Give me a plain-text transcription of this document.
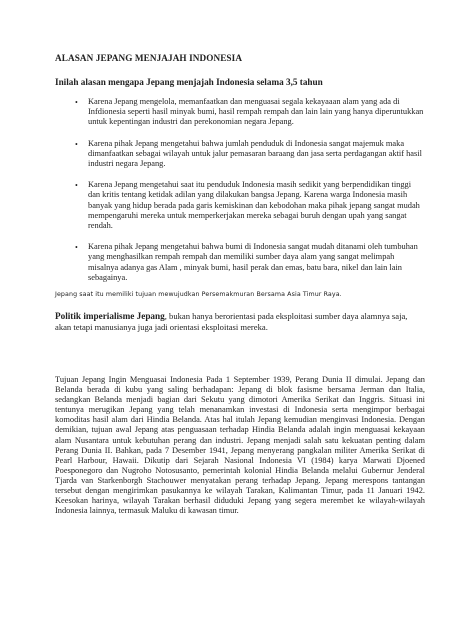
ALASAN JEPANG MENJAJAH INDONESIA
Inilah alasan mengapa Jepang menjajah Indonesia selama 3,5 tahun
• Karena Jepang mengelola, memanfaatkan dan menguasai segala kekayaaan alam yang ada di Infdionesia seperti hasil minyak bumi, hasil rempah rempah dan lain lain yang hanya diperuntukkan untuk kepentingan industri dan perekonomian negara Jepang.
• Karena pihak Jepang mengetahui bahwa jumlah penduduk di Indonesia sangat majemuk maka dimanfaatkan sebagai wilayah untuk jalur pemasaran baraang dan jasa serta perdagangan aktif hasil industri negara Jepang.
• Karena Jepang mengetahui saat itu penduduk Indonesia masih sedikit yang berpendidikan tinggi dan kritis tentang ketidak adilan yang dilakukan bangsa Jepang. Karena warga Indonesia masih banyak yang hidup berada pada garis kemiskinan dan kebodohan maka pihak jepang sangat mudah mempengaruhi mereka untuk memperkerjakan mereka sebagai buruh dengan upah yang sangat rendah.
• Karena pihak Jepang mengetahui bahwa bumi di Indonesia sangat mudah ditanami oleh tumbuhan yang menghasilkan rempah rempah dan memiliki sumber daya alam yang sangat melimpah misalnya adanya gas Alam , minyak bumi, hasil perak dan emas, batu bara, nikel dan lain lain sebagainya.
Jepang saat itu memiliki tujuan mewujudkan Persemakmuran Bersama Asia Timur Raya.
Politik imperialisme Jepang, bukan hanya berorientasi pada eksploitasi sumber daya alamnya saja, akan tetapi manusianya juga jadi orientasi eksploitasi mereka.
Tujuan Jepang Ingin Menguasai Indonesia Pada 1 September 1939, Perang Dunia II dimulai. Jepang dan Belanda berada di kubu yang saling berhadapan: Jepang di blok fasisme bersama Jerman dan Italia, sedangkan Belanda menjadi bagian dari Sekutu yang dimotori Amerika Serikat dan Inggris. Situasi ini tentunya merugikan Jepang yang telah menanamkan investasi di Indonesia serta mengimpor berbagai komoditas hasil alam dari Hindia Belanda. Atas hal itulah Jepang kemudian menginvasi Indonesia. Dengan demikian, tujuan awal Jepang atas penguasaan terhadap Hindia Belanda adalah ingin menguasai kekayaan alam Nusantara untuk kebutuhan perang dan industri. Jepang menjadi salah satu kekuatan penting dalam Perang Dunia II. Bahkan, pada 7 Desember 1941, Jepang menyerang pangkalan militer Amerika Serikat di Pearl Harbour, Hawaii. Dikutip dari Sejarah Nasional Indonesia VI (1984) karya Marwati Djoened Poesponegoro dan Nugroho Notosusanto, pemerintah kolonial Hindia Belanda melalui Gubernur Jenderal Tjarda van Starkenborgh Stachouwer menyatakan perang terhadap Jepang. Jepang merespons tantangan tersebut dengan mengirimkan pasukannya ke wilayah Tarakan, Kalimantan Timur, pada 11 Januari 1942. Keesokan harinya, wilayah Tarakan berhasil diduduki Jepang yang segera merembet ke wilayah-wilayah Indonesia lainnya, termasuk Maluku di kawasan timur.
